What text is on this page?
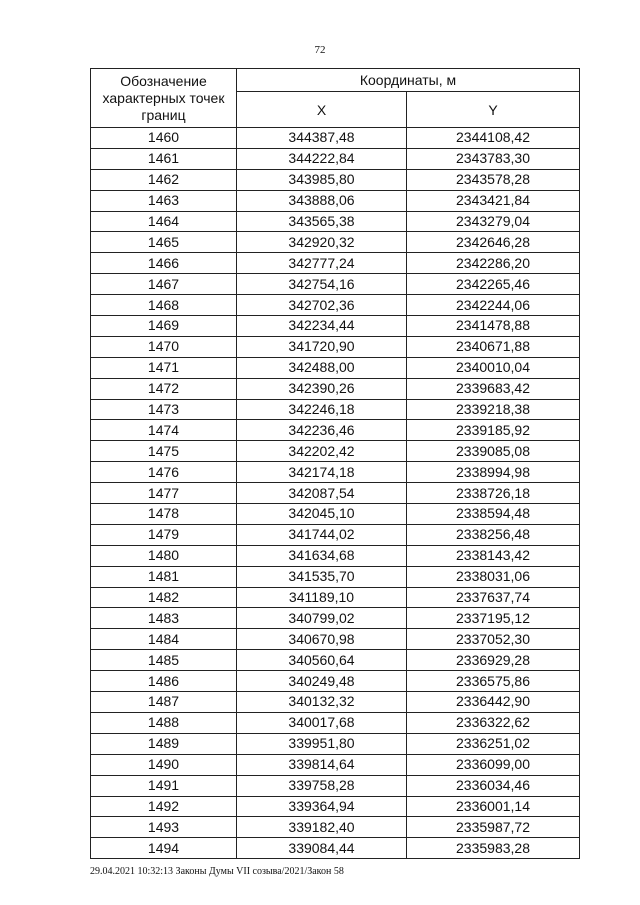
72
Обозначение характерных точек границ	Координаты, м	
	X	Y
1460	344387,48	2344108,42
1461	344222,84	2343783,30
1462	343985,80	2343578,28
1463	343888,06	2343421,84
1464	343565,38	2343279,04
1465	342920,32	2342646,28
1466	342777,24	2342286,20
1467	342754,16	2342265,46
1468	342702,36	2342244,06
1469	342234,44	2341478,88
1470	341720,90	2340671,88
1471	342488,00	2340010,04
1472	342390,26	2339683,42
1473	342246,18	2339218,38
1474	342236,46	2339185,92
1475	342202,42	2339085,08
1476	342174,18	2338994,98
1477	342087,54	2338726,18
1478	342045,10	2338594,48
1479	341744,02	2338256,48
1480	341634,68	2338143,42
1481	341535,70	2338031,06
1482	341189,10	2337637,74
1483	340799,02	2337195,12
1484	340670,98	2337052,30
1485	340560,64	2336929,28
1486	340249,48	2336575,86
1487	340132,32	2336442,90
1488	340017,68	2336322,62
1489	339951,80	2336251,02
1490	339814,64	2336099,00
1491	339758,28	2336034,46
1492	339364,94	2336001,14
1493	339182,40	2335987,72
1494	339084,44	2335983,28
29.04.2021 10:32:13 Законы Думы VII созыва/2021/Закон 58
